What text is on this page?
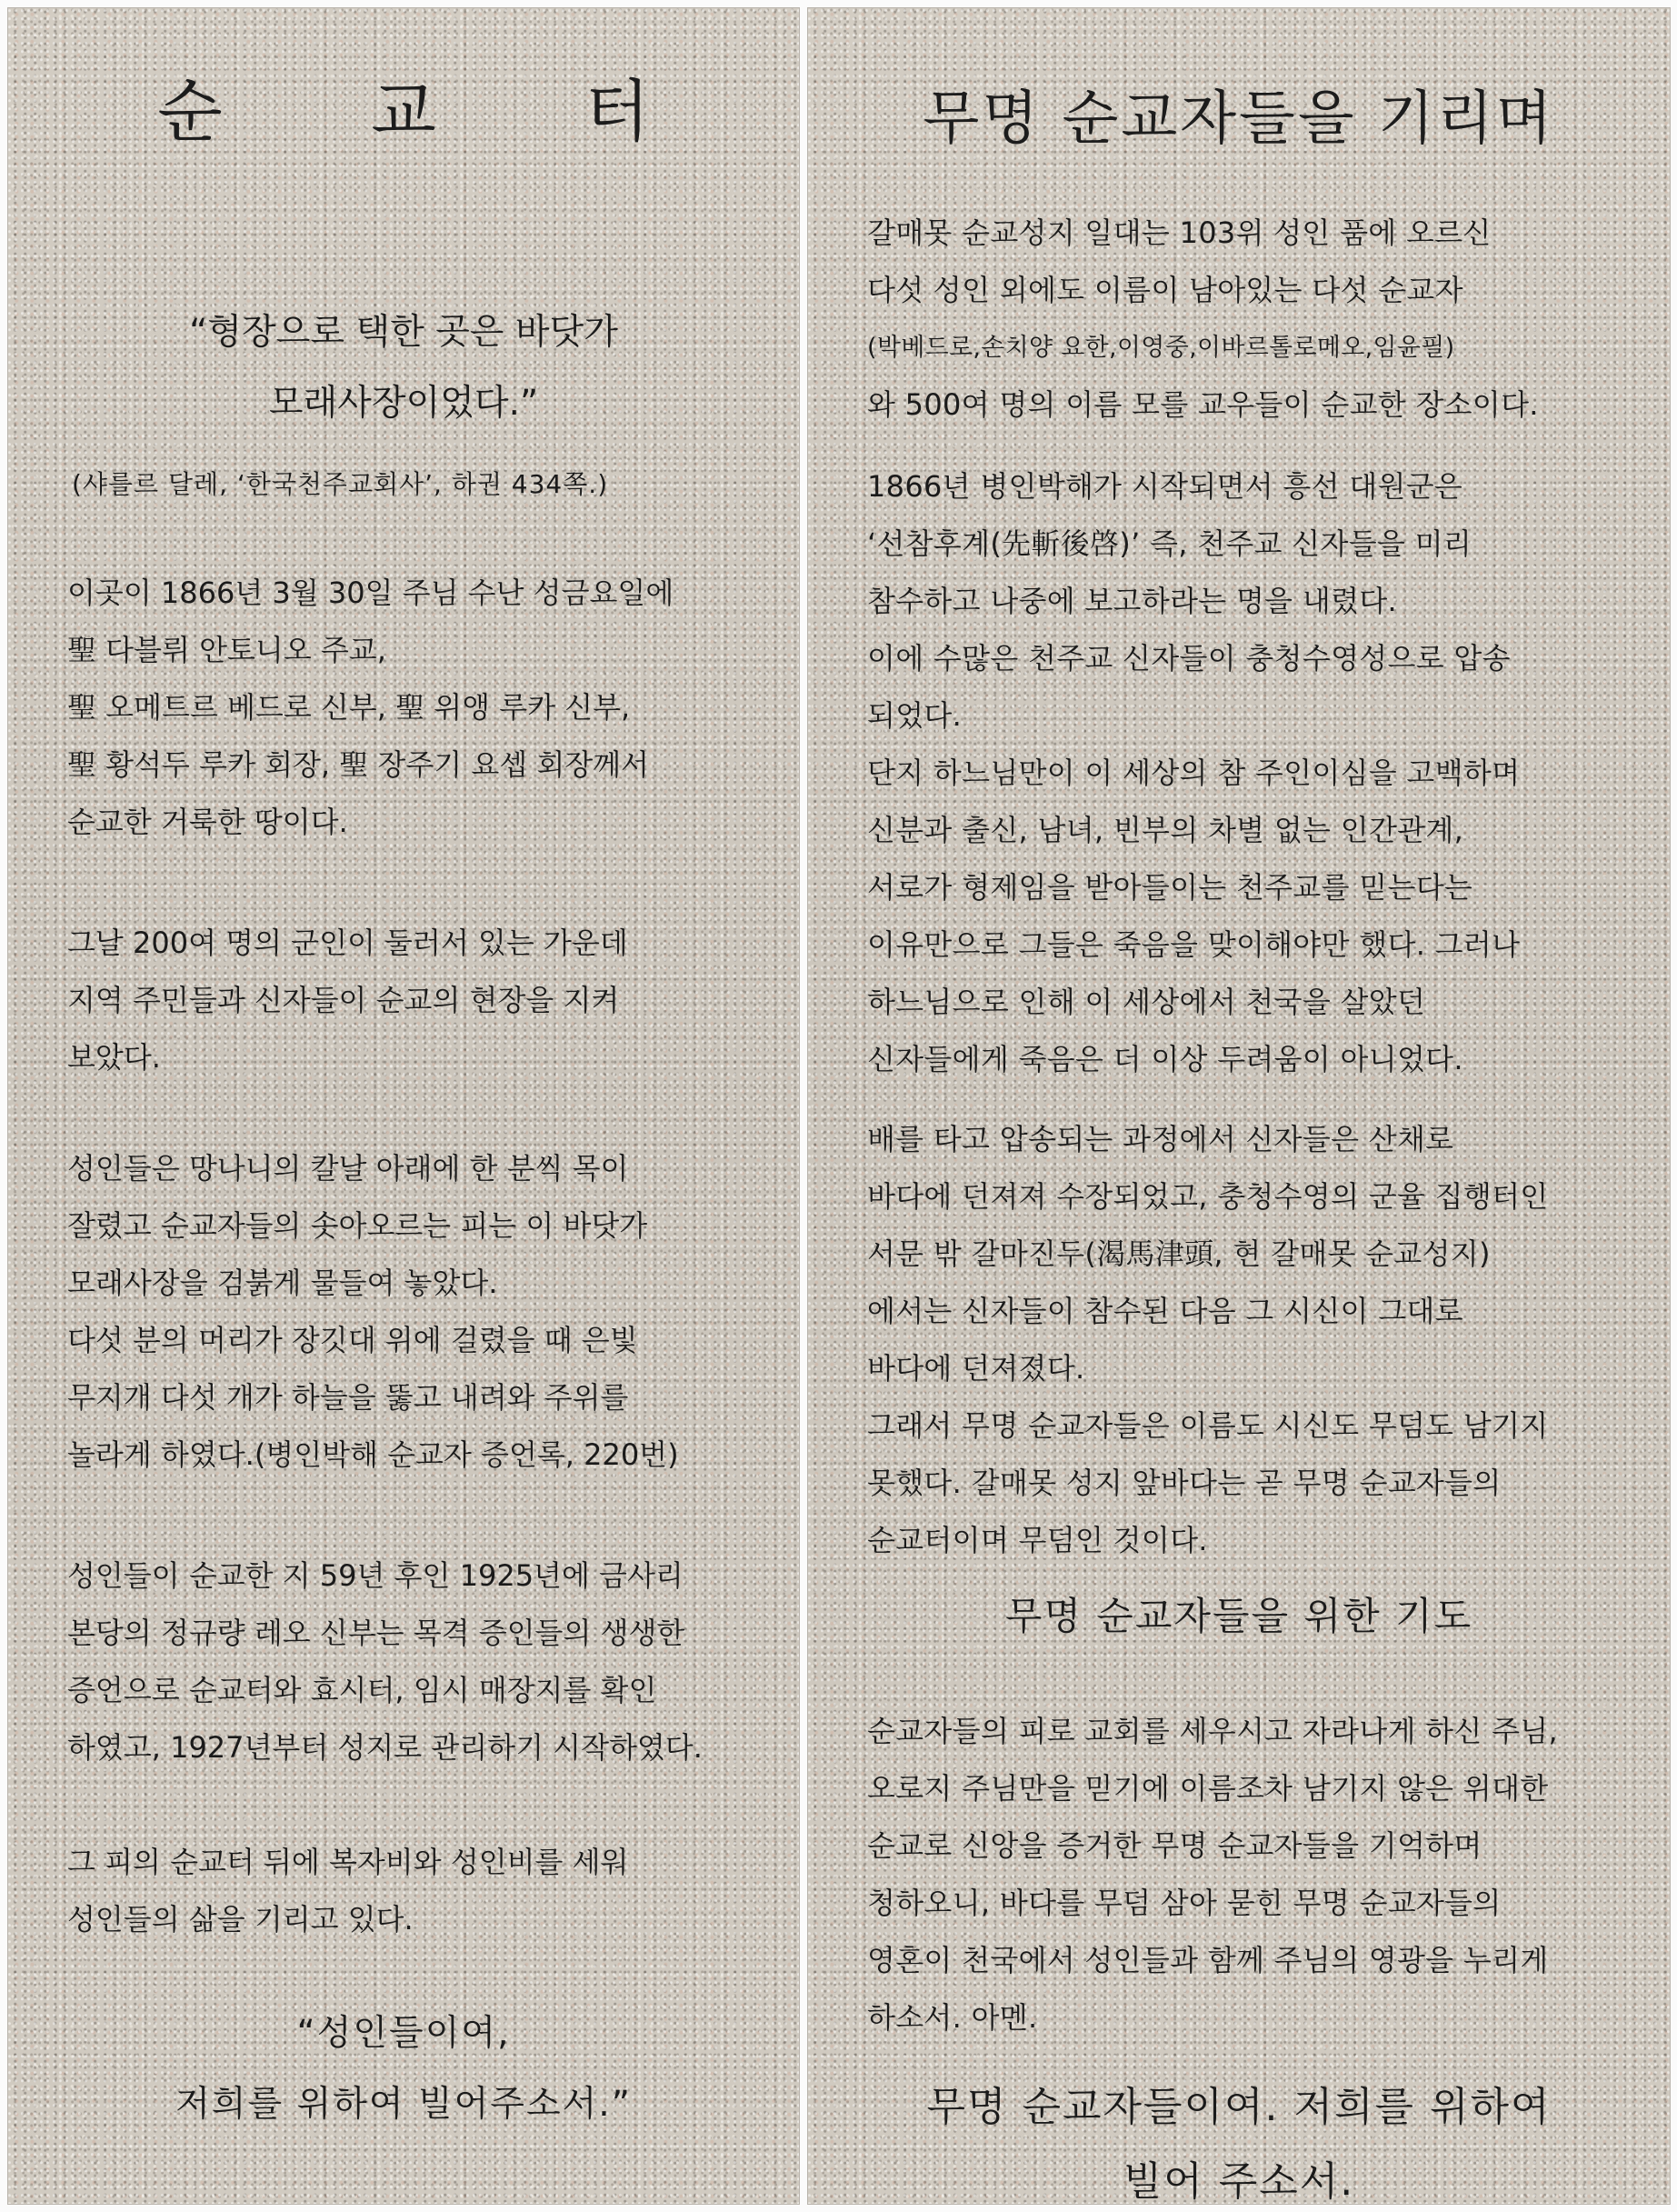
순 교 터
“형장으로 택한 곳은 바닷가
모래사장이었다.”
(샤를르 달레, ‘한국천주교회사’, 하권 434쪽.)
이곳이 1866년 3월 30일 주님 수난 성금요일에
聖 다블뤼 안토니오 주교,
聖 오메트르 베드로 신부, 聖 위앵 루카 신부,
聖 황석두 루카 회장, 聖 장주기 요셉 회장께서
순교한 거룩한 땅이다.
그날 200여 명의 군인이 둘러서 있는 가운데
지역 주민들과 신자들이 순교의 현장을 지켜
보았다.
성인들은 망나니의 칼날 아래에 한 분씩 목이
잘렸고 순교자들의 솟아오르는 피는 이 바닷가
모래사장을 검붉게 물들여 놓았다.
다섯 분의 머리가 장깃대 위에 걸렸을 때 은빛
무지개 다섯 개가 하늘을 뚫고 내려와 주위를
놀라게 하였다.(병인박해 순교자 증언록, 220번)
성인들이 순교한 지 59년 후인 1925년에 금사리
본당의 정규량 레오 신부는 목격 증인들의 생생한
증언으로 순교터와 효시터, 임시 매장지를 확인
하였고, 1927년부터 성지로 관리하기 시작하였다.
그 피의 순교터 뒤에 복자비와 성인비를 세워
성인들의 삶을 기리고 있다.
“성인들이여,
저희를 위하여 빌어주소서.”
무명 순교자들을 기리며
갈매못 순교성지 일대는 103위 성인 품에 오르신
다섯 성인 외에도 이름이 남아있는 다섯 순교자
(박베드로,손치양 요한,이영중,이바르톨로메오,임윤필)
와 500여 명의 이름 모를 교우들이 순교한 장소이다.
1866년 병인박해가 시작되면서 흥선 대원군은
‘선참후계(先斬後啓)’ 즉, 천주교 신자들을 미리
참수하고 나중에 보고하라는 명을 내렸다.
이에 수많은 천주교 신자들이 충청수영성으로 압송
되었다.
단지 하느님만이 이 세상의 참 주인이심을 고백하며
신분과 출신, 남녀, 빈부의 차별 없는 인간관계,
서로가 형제임을 받아들이는 천주교를 믿는다는
이유만으로 그들은 죽음을 맞이해야만 했다. 그러나
하느님으로 인해 이 세상에서 천국을 살았던
신자들에게 죽음은 더 이상 두려움이 아니었다.
배를 타고 압송되는 과정에서 신자들은 산채로
바다에 던져져 수장되었고, 충청수영의 군율 집행터인
서문 밖 갈마진두(渴馬津頭, 현 갈매못 순교성지)
에서는 신자들이 참수된 다음 그 시신이 그대로
바다에 던져졌다.
그래서 무명 순교자들은 이름도 시신도 무덤도 남기지
못했다. 갈매못 성지 앞바다는 곧 무명 순교자들의
순교터이며 무덤인 것이다.
무명 순교자들을 위한 기도
순교자들의 피로 교회를 세우시고 자라나게 하신 주님,
오로지 주님만을 믿기에 이름조차 남기지 않은 위대한
순교로 신앙을 증거한 무명 순교자들을 기억하며
청하오니, 바다를 무덤 삼아 묻힌 무명 순교자들의
영혼이 천국에서 성인들과 함께 주님의 영광을 누리게
하소서. 아멘.
무명 순교자들이여. 저희를 위하여
빌어 주소서.
